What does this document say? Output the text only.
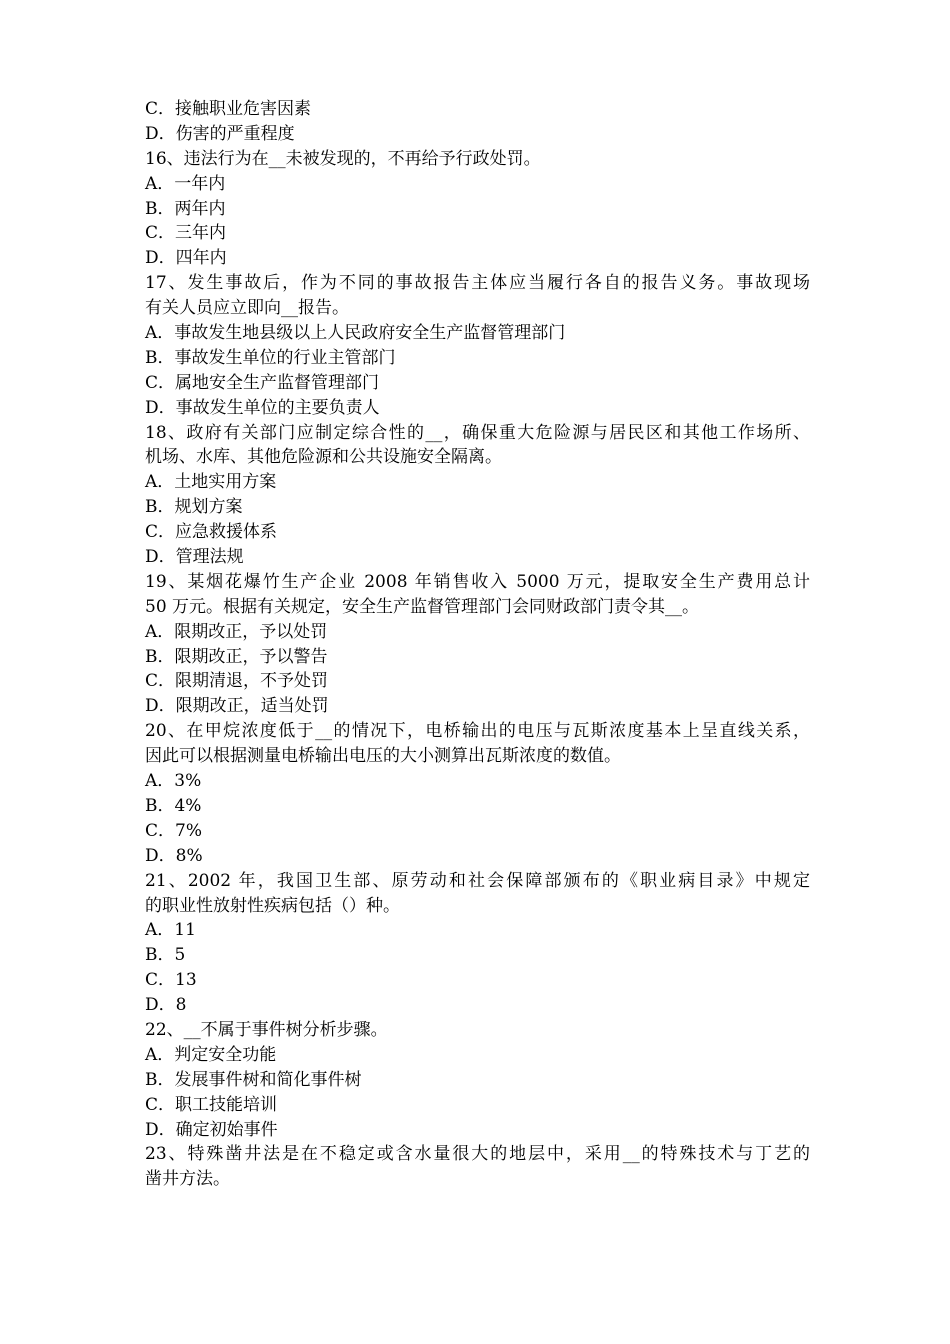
C．接触职业危害因素
D．伤害的严重程度
16、违法行为在__未被发现的，不再给予行政处罚。
A．一年内
B．两年内
C．三年内
D．四年内
17、发生事故后，作为不同的事故报告主体应当履行各自的报告义务。事故现场
有关人员应立即向__报告。
A．事故发生地县级以上人民政府安全生产监督管理部门
B．事故发生单位的行业主管部门
C．属地安全生产监督管理部门
D．事故发生单位的主要负责人
18、政府有关部门应制定综合性的__，确保重大危险源与居民区和其他工作场所、
机场、水库、其他危险源和公共设施安全隔离。
A．土地实用方案
B．规划方案
C．应急救援体系
D．管理法规
19、某烟花爆竹生产企业 2008 年销售收入 5000 万元，提取安全生产费用总计
50 万元。根据有关规定，安全生产监督管理部门会同财政部门责令其__。
A．限期改正，予以处罚
B．限期改正，予以警告
C．限期清退，不予处罚
D．限期改正，适当处罚
20、在甲烷浓度低于__的情况下，电桥输出的电压与瓦斯浓度基本上呈直线关系，
因此可以根据测量电桥输出电压的大小测算出瓦斯浓度的数值。
A．3%
B．4%
C．7%
D．8%
21、2002 年，我国卫生部、原劳动和社会保障部颁布的《职业病目录》中规定
的职业性放射性疾病包括（）种。
A．11
B．5
C．13
D．8
22、__不属于事件树分析步骤。
A．判定安全功能
B．发展事件树和简化事件树
C．职工技能培训
D．确定初始事件
23、特殊凿井法是在不稳定或含水量很大的地层中，采用__的特殊技术与丁艺的
凿井方法。
